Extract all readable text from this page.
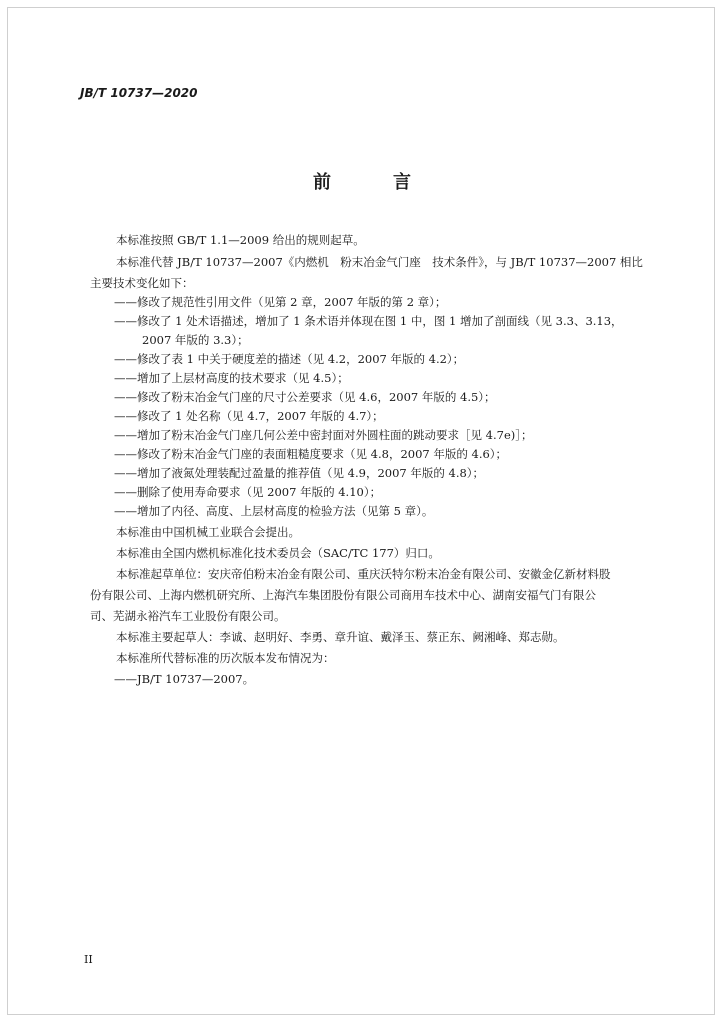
JB/T 10737—2020
前　言
本标准按照 GB/T 1.1—2009 给出的规则起草。
本标准代替 JB/T 10737—2007《内燃机　粉末冶金气门座　技术条件》，与 JB/T 10737—2007 相比
主要技术变化如下：
——修改了规范性引用文件（见第 2 章，2007 年版的第 2 章）；
——修改了 1 处术语描述，增加了 1 条术语并体现在图 1 中，图 1 增加了剖面线（见 3.3、3.13，
2007 年版的 3.3）；
——修改了表 1 中关于硬度差的描述（见 4.2，2007 年版的 4.2）；
——增加了上层材高度的技术要求（见 4.5）；
——修改了粉末冶金气门座的尺寸公差要求（见 4.6，2007 年版的 4.5）；
——修改了 1 处名称（见 4.7，2007 年版的 4.7）；
——增加了粉末冶金气门座几何公差中密封面对外圆柱面的跳动要求［见 4.7e)］；
——修改了粉末冶金气门座的表面粗糙度要求（见 4.8，2007 年版的 4.6）；
——增加了液氮处理装配过盈量的推荐值（见 4.9，2007 年版的 4.8）；
——删除了使用寿命要求（见 2007 年版的 4.10）；
——增加了内径、高度、上层材高度的检验方法（见第 5 章）。
本标准由中国机械工业联合会提出。
本标准由全国内燃机标准化技术委员会（SAC/TC 177）归口。
本标准起草单位：安庆帝伯粉末冶金有限公司、重庆沃特尔粉末冶金有限公司、安徽金亿新材料股
份有限公司、上海内燃机研究所、上海汽车集团股份有限公司商用车技术中心、湖南安福气门有限公
司、芜湖永裕汽车工业股份有限公司。
本标准主要起草人：李诚、赵明好、李勇、章升谊、戴泽玉、蔡正东、阙湘峰、郑志勋。
本标准所代替标准的历次版本发布情况为：
——JB/T 10737—2007。
II
